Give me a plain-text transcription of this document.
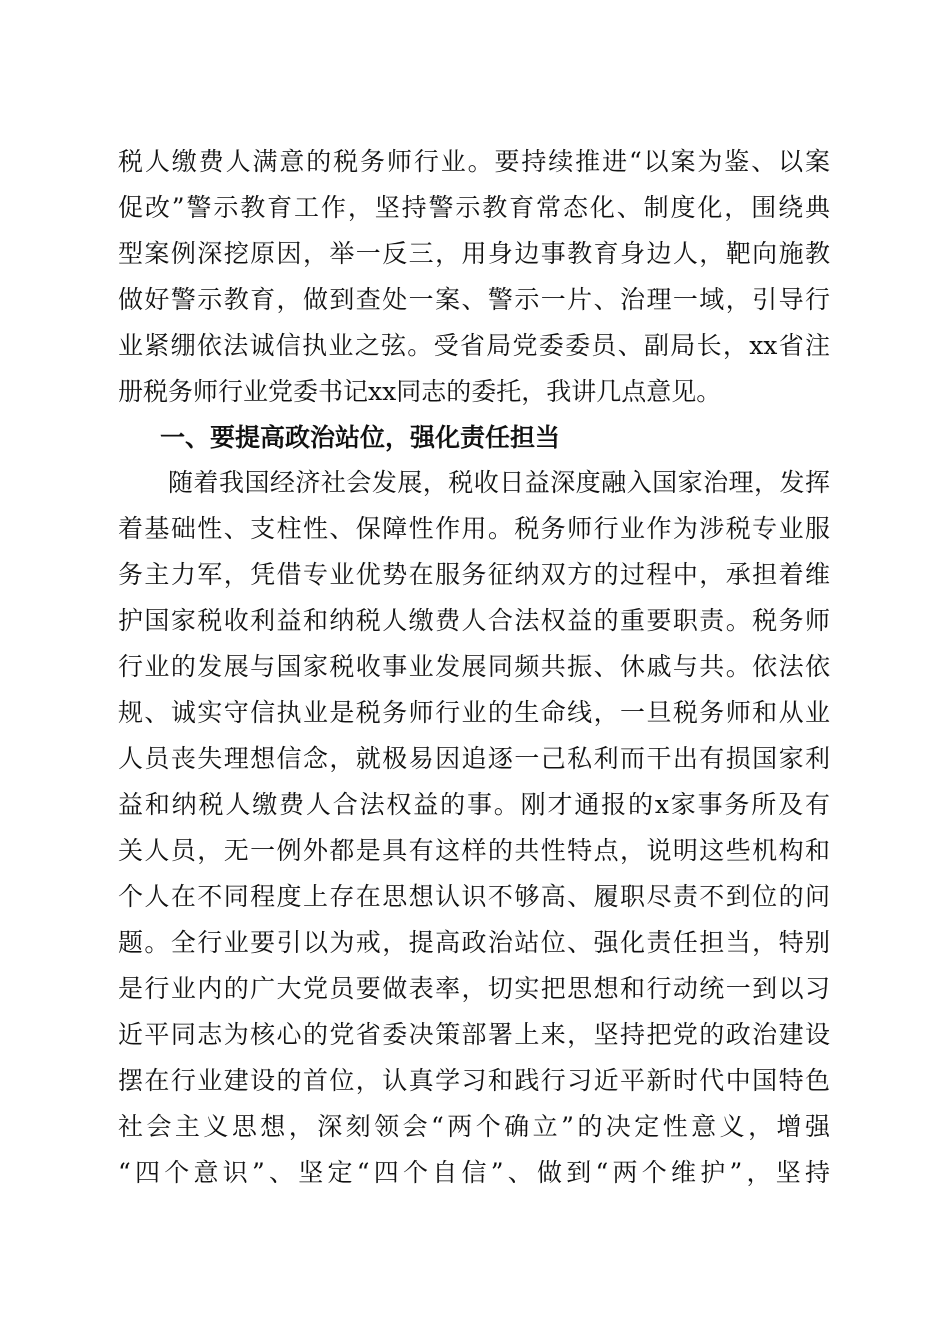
税人缴费人满意的税务师行业。要持续推进“以案为鉴、以案
促改”警示教育工作，坚持警示教育常态化、制度化，围绕典
型案例深挖原因，举一反三，用身边事教育身边人，靶向施教
做好警示教育，做到查处一案、警示一片、治理一域，引导行
业紧绷依法诚信执业之弦。受省局党委委员、副局长，xx省注
册税务师行业党委书记xx同志的委托，我讲几点意见。
一、要提高政治站位，强化责任担当
随着我国经济社会发展，税收日益深度融入国家治理，发挥
着基础性、支柱性、保障性作用。税务师行业作为涉税专业服
务主力军，凭借专业优势在服务征纳双方的过程中，承担着维
护国家税收利益和纳税人缴费人合法权益的重要职责。税务师
行业的发展与国家税收事业发展同频共振、休戚与共。依法依
规、诚实守信执业是税务师行业的生命线，一旦税务师和从业
人员丧失理想信念，就极易因追逐一己私利而干出有损国家利
益和纳税人缴费人合法权益的事。刚才通报的x家事务所及有
关人员，无一例外都是具有这样的共性特点，说明这些机构和
个人在不同程度上存在思想认识不够高、履职尽责不到位的问
题。全行业要引以为戒，提高政治站位、强化责任担当，特别
是行业内的广大党员要做表率，切实把思想和行动统一到以习
近平同志为核心的党省委决策部署上来，坚持把党的政治建设
摆在行业建设的首位，认真学习和践行习近平新时代中国特色
社会主义思想，深刻领会“两个确立”的决定性意义，增强
“四个意识”、坚定“四个自信”、做到“两个维护”，坚持
